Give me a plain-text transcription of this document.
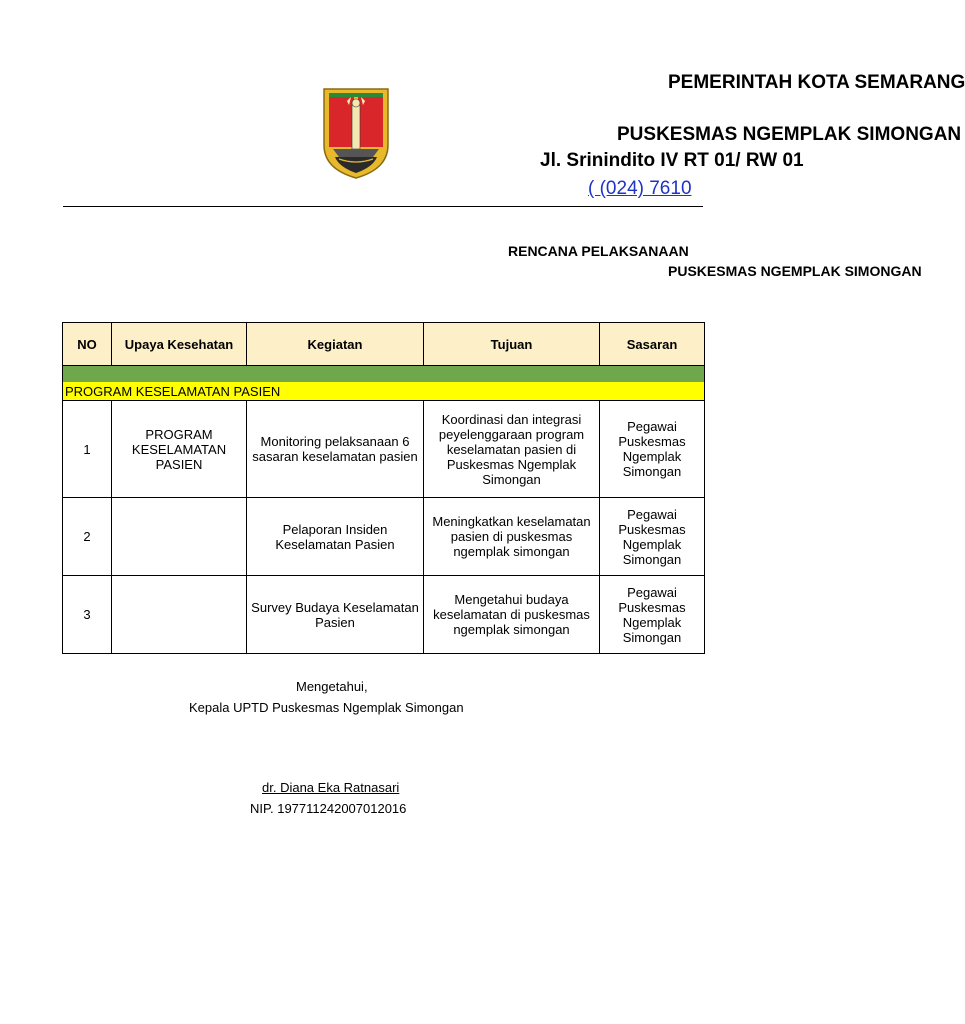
PEMERINTAH KOTA SEMARANG
PUSKESMAS NGEMPLAK SIMONGAN
Jl. Srinindito IV RT 01/ RW 01
( (024) 7610
RENCANA PELAKSANAAN
PUSKESMAS NGEMPLAK SIMONGAN
NO	Upaya Kesehatan	Kegiatan	Tujuan	Sasaran

PROGRAM KESELAMATAN PASIEN				
1	PROGRAM KESELAMATAN PASIEN	Monitoring pelaksanaan 6 sasaran keselamatan pasien	Koordinasi dan integrasi peyelenggaraan program keselamatan pasien di Puskesmas Ngemplak Simongan	Pegawai Puskesmas Ngemplak Simongan
2		Pelaporan Insiden Keselamatan Pasien	Meningkatkan keselamatan pasien di puskesmas ngemplak simongan	Pegawai Puskesmas Ngemplak Simongan
3		Survey Budaya Keselamatan Pasien	Mengetahui budaya keselamatan di puskesmas ngemplak simongan	Pegawai Puskesmas Ngemplak Simongan
Mengetahui,
Kepala UPTD Puskesmas Ngemplak Simongan
dr. Diana Eka Ratnasari
NIP. 197711242007012016
